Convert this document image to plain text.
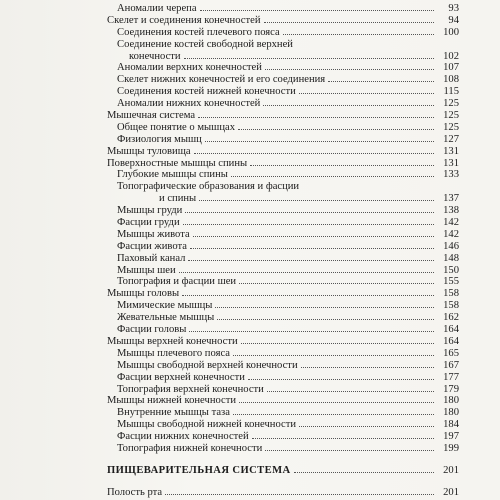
Аномалии черепа	93
Скелет и соединения конечностей	94
Соединения костей плечевого пояса	100
Соединение костей свободной верхней
конечности	102
Аномалии верхних конечностей	107
Скелет нижних конечностей и его соединения	108
Соединения костей нижней конечности	115
Аномалии нижних конечностей	125
Мышечная система	125
Общее понятие о мышцах	125
Физиология мышц	127
Мышцы туловища	131
Поверхностные мышцы спины	131
Глубокие мышцы спины	133
Топографические образования и фасции
и спины	137
Мышцы груди	138
Фасции груди	142
Мышцы живота	142
Фасции живота	146
Паховый канал	148
Мышцы шеи	150
Топография и фасции шеи	155
Мышцы головы	158
Мимические мышцы	158
Жевательные мышцы	162
Фасции головы	164
Мышцы верхней конечности	164
Мышцы плечевого пояса	165
Мышцы свободной верхней конечности	167
Фасции верхней конечности	177
Топография верхней конечности	179
Мышцы нижней конечности	180
Внутренние мышцы таза	180
Мышцы свободной нижней конечности	184
Фасции нижних конечностей	197
Топография нижней конечности	199
ПИЩЕВАРИТЕЛЬНАЯ СИСТЕМА	201
Полость рта	201
